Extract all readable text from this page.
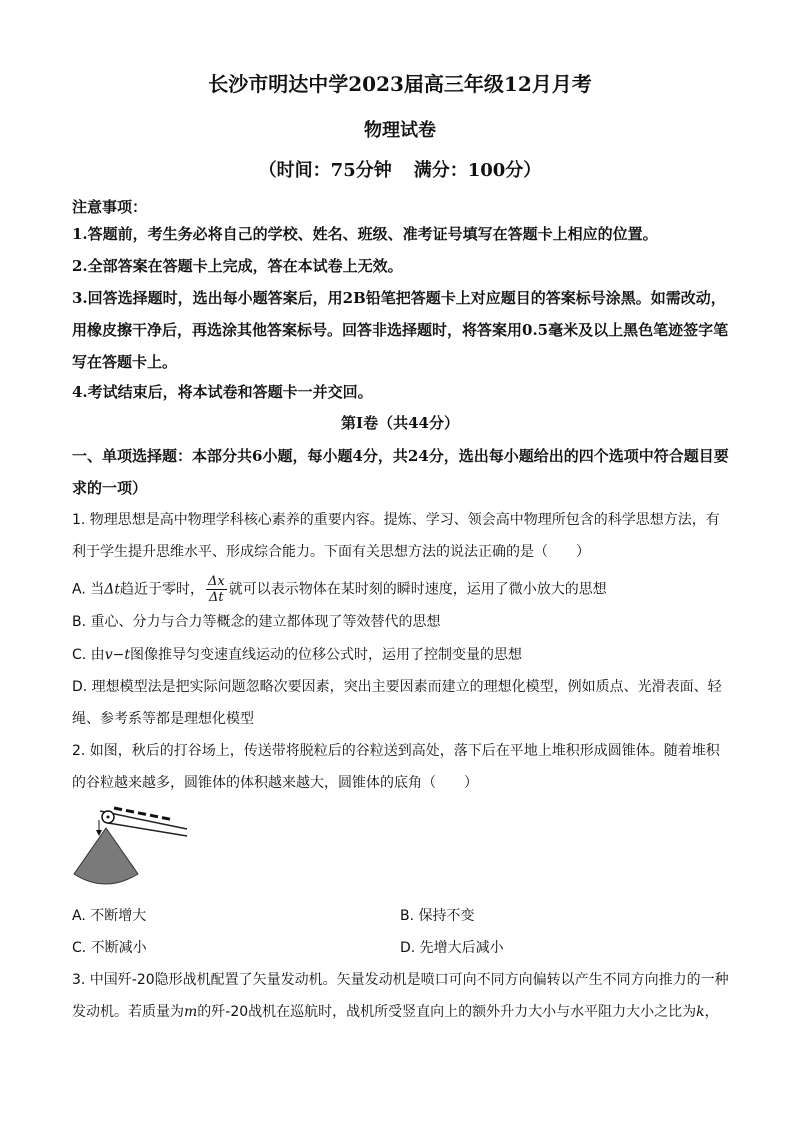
长沙市明达中学2023届高三年级12月月考
物理试卷
（时间：75分钟 满分：100分）
注意事项：
1.答题前，考生务必将自己的学校、姓名、班级、准考证号填写在答题卡上相应的位置。
2.全部答案在答题卡上完成，答在本试卷上无效。
3.回答选择题时，选出每小题答案后，用2B铅笔把答题卡上对应题目的答案标号涂黑。如需改动，用橡皮擦干净后，再选涂其他答案标号。回答非选择题时，将答案用0.5毫米及以上黑色笔迹签字笔写在答题卡上。
4.考试结束后，将本试卷和答题卡一并交回。
第Ⅰ卷（共44分）
一、单项选择题：本部分共6小题，每小题4分，共24分，选出每小题给出的四个选项中符合题目要求的一项）
1. 物理思想是高中物理学科核心素养的重要内容。提炼、学习、领会高中物理所包含的科学思想方法，有利于学生提升思维水平、形成综合能力。下面有关思想方法的说法正确的是（　　）
A. 当Δt趋近于零时， $\frac{\Delta x}{\Delta t}$ 就可以表示物体在某时刻的瞬时速度，运用了微小放大的思想
B. 重心、分力与合力等概念的建立都体现了等效替代的思想
C. 由v−t图像推导匀变速直线运动的位移公式时，运用了控制变量的思想
D. 理想模型法是把实际问题忽略次要因素，突出主要因素而建立的理想化模型，例如质点、光滑表面、轻绳、参考系等都是理想化模型
2. 如图，秋后的打谷场上，传送带将脱粒后的谷粒送到高处，落下后在平地上堆积形成圆锥体。随着堆积的谷粒越来越多，圆锥体的体积越来越大，圆锥体的底角（　　）
A. 不断增大	B. 保持不变
C. 不断减小	D. 先增大后减小
3. 中国歼-20隐形战机配置了矢量发动机。矢量发动机是喷口可向不同方向偏转以产生不同方向推力的一种发动机。若质量为m的歼-20战机在巡航时，战机所受竖直向上的额外升力大小与水平阻力大小之比为k，
